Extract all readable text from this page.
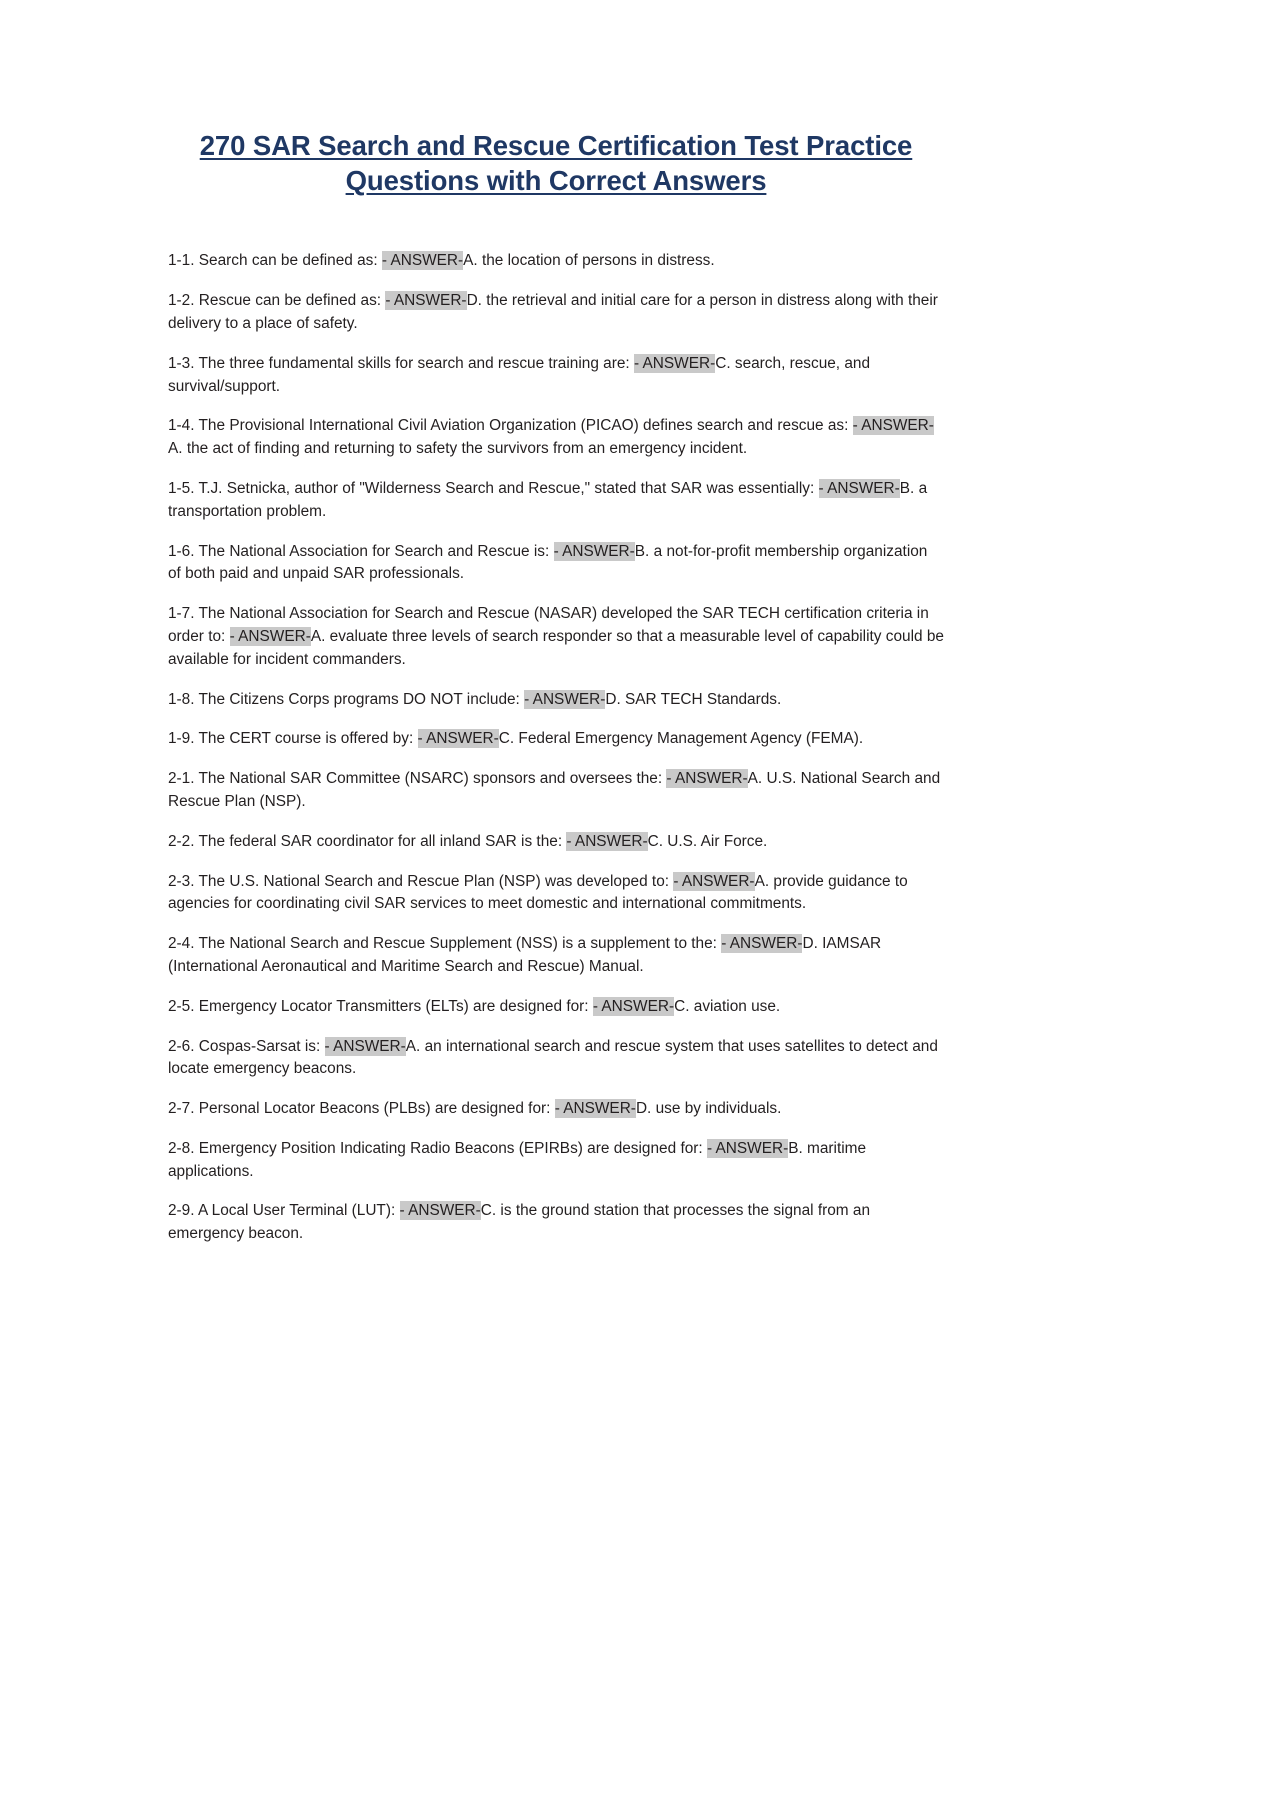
270 SAR Search and Rescue Certification Test Practice Questions with Correct Answers

1-1. Search can be defined as: - ANSWER-A. the location of persons in distress.

1-2. Rescue can be defined as: - ANSWER-D. the retrieval and initial care for a person in distress along with their delivery to a place of safety.

1-3. The three fundamental skills for search and rescue training are: - ANSWER-C. search, rescue, and survival/support.

1-4. The Provisional International Civil Aviation Organization (PICAO) defines search and rescue as: - ANSWER-A. the act of finding and returning to safety the survivors from an emergency incident.

1-5. T.J. Setnicka, author of "Wilderness Search and Rescue," stated that SAR was essentially: - ANSWER-B. a transportation problem.

1-6. The National Association for Search and Rescue is: - ANSWER-B. a not-for-profit membership organization of both paid and unpaid SAR professionals.

1-7. The National Association for Search and Rescue (NASAR) developed the SAR TECH certification criteria in order to: - ANSWER-A. evaluate three levels of search responder so that a measurable level of capability could be available for incident commanders.

1-8. The Citizens Corps programs DO NOT include: - ANSWER-D. SAR TECH Standards.

1-9. The CERT course is offered by: - ANSWER-C. Federal Emergency Management Agency (FEMA).

2-1. The National SAR Committee (NSARC) sponsors and oversees the: - ANSWER-A. U.S. National Search and Rescue Plan (NSP).

2-2. The federal SAR coordinator for all inland SAR is the: - ANSWER-C. U.S. Air Force.

2-3. The U.S. National Search and Rescue Plan (NSP) was developed to: - ANSWER-A. provide guidance to agencies for coordinating civil SAR services to meet domestic and international commitments.

2-4. The National Search and Rescue Supplement (NSS) is a supplement to the: - ANSWER-D. IAMSAR (International Aeronautical and Maritime Search and Rescue) Manual.

2-5. Emergency Locator Transmitters (ELTs) are designed for: - ANSWER-C. aviation use.

2-6. Cospas-Sarsat is: - ANSWER-A. an international search and rescue system that uses satellites to detect and locate emergency beacons.

2-7. Personal Locator Beacons (PLBs) are designed for: - ANSWER-D. use by individuals.

2-8. Emergency Position Indicating Radio Beacons (EPIRBs) are designed for: - ANSWER-B. maritime applications.

2-9. A Local User Terminal (LUT): - ANSWER-C. is the ground station that processes the signal from an emergency beacon.
